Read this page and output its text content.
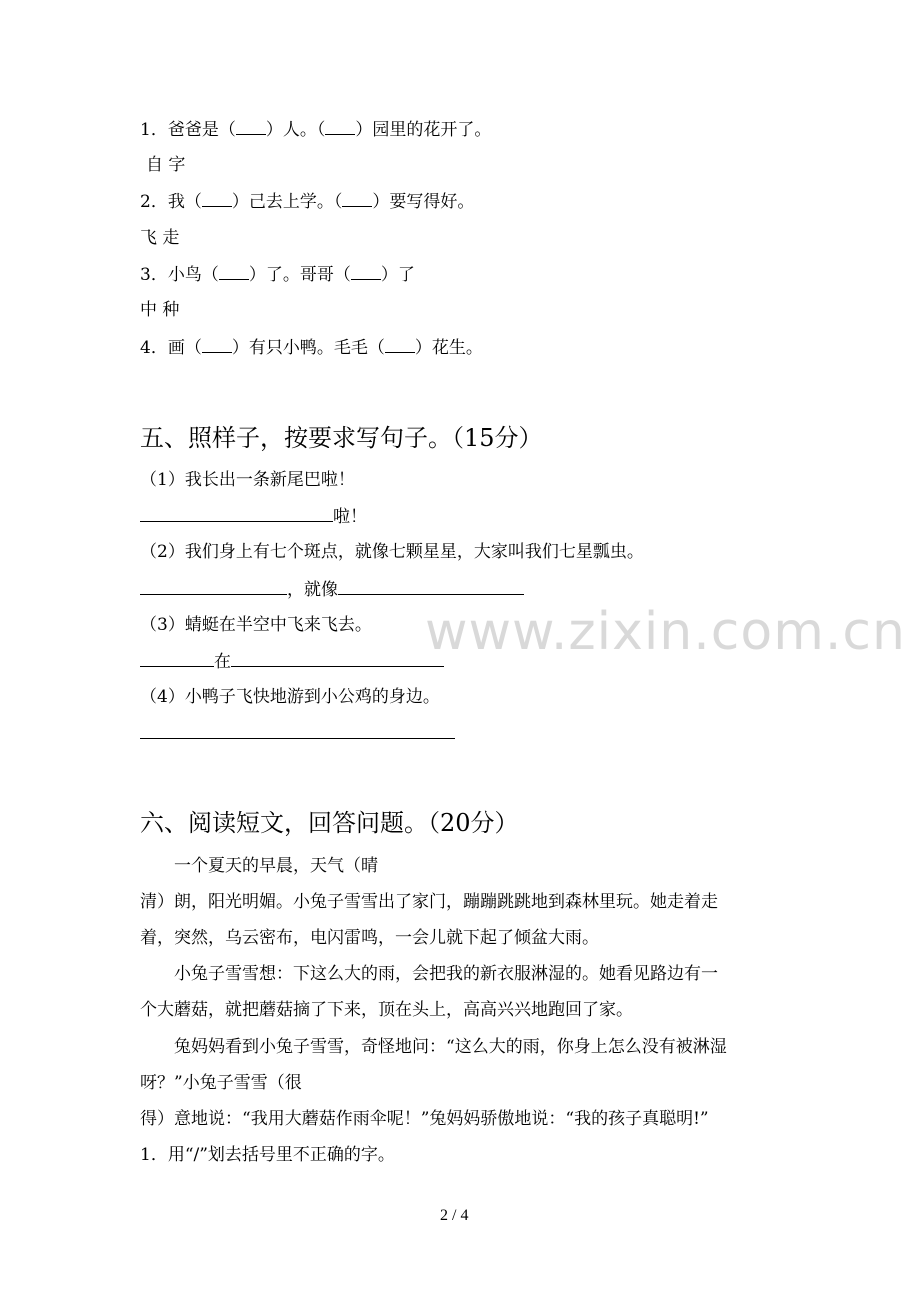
1．爸爸是（ ）人。（ ）园里的花开了。
自 字
2．我（ ）己去上学。（ ）要写得好。
飞 走
3．小鸟（ ）了。哥哥（ ）了
中 种
4．画（ ）有只小鸭。毛毛（ ）花生。
五、照样子，按要求写句子。（15分）
（1）我长出一条新尾巴啦！
啦！
（2）我们身上有七个斑点，就像七颗星星，大家叫我们七星瓢虫。
，就像
（3）蜻蜓在半空中飞来飞去。
在
（4）小鸭子飞快地游到小公鸡的身边。
www.zixin.com.cn
六、阅读短文，回答问题。（20分）
一个夏天的早晨，天气（晴
清）朗，阳光明媚。小兔子雪雪出了家门，蹦蹦跳跳地到森林里玩。她走着走
着，突然，乌云密布，电闪雷鸣，一会儿就下起了倾盆大雨。
小兔子雪雪想：下这么大的雨，会把我的新衣服淋湿的。她看见路边有一
个大蘑菇，就把蘑菇摘了下来，顶在头上，高高兴兴地跑回了家。
兔妈妈看到小兔子雪雪，奇怪地问：“这么大的雨，你身上怎么没有被淋湿
呀？”小兔子雪雪（很
得）意地说：“我用大蘑菇作雨伞呢！”兔妈妈骄傲地说：“我的孩子真聪明!”
1．用“/”划去括号里不正确的字。
2 / 4
